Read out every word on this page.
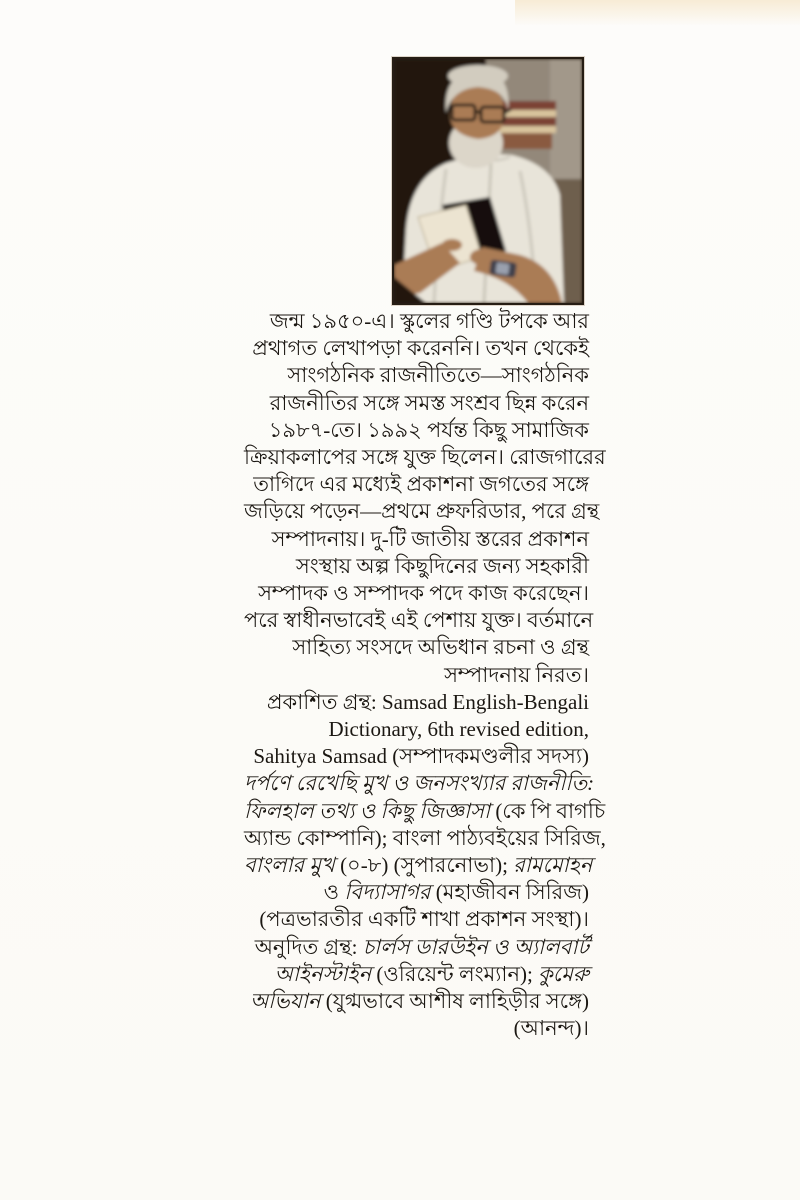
জন্ম ১৯৫০-এ। স্কুলের গণ্ডি টপকে আর
প্রথাগত লেখাপড়া করেননি। তখন থেকেই
সাংগঠনিক রাজনীতিতে—সাংগঠনিক
রাজনীতির সঙ্গে সমস্ত সংশ্রব ছিন্ন করেন
১৯৮৭-তে। ১৯৯২ পর্যন্ত কিছু সামাজিক
ক্রিয়াকলাপের সঙ্গে যুক্ত ছিলেন। রোজগারের
তাগিদে এর মধ্যেই প্রকাশনা জগতের সঙ্গে
জড়িয়ে পড়েন—প্রথমে প্রুফরিডার, পরে গ্রন্থ
সম্পাদনায়। দু-টি জাতীয় স্তরের প্রকাশন
সংস্থায় অল্প কিছুদিনের জন্য সহকারী
সম্পাদক ও সম্পাদক পদে কাজ করেছেন।
পরে স্বাধীনভাবেই এই পেশায় যুক্ত। বর্তমানে
সাহিত্য সংসদে অভিধান রচনা ও গ্রন্থ
সম্পাদনায় নিরত।
প্রকাশিত গ্রন্থ: Samsad English-Bengali
Dictionary, 6th revised edition,
Sahitya Samsad (সম্পাদকমণ্ডলীর সদস্য)
দর্পণে রেখেছি মুখ ও জনসংখ্যার রাজনীতি:
ফিলহাল তথ্য ও কিছু জিজ্ঞাসা (কে পি বাগচি
অ্যান্ড কোম্পানি); বাংলা পাঠ্যবইয়ের সিরিজ,
বাংলার মুখ (০-৮) (সুপারনোভা); রামমোহন
ও বিদ্যাসাগর (মহাজীবন সিরিজ)
(পত্রভারতীর একটি শাখা প্রকাশন সংস্থা)।
অনুদিত গ্রন্থ: চার্লস ডারউইন ও অ্যালবার্ট
আইনস্টাইন (ওরিয়েন্ট লংম্যান); কুমেরু
অভিযান (যুগ্মভাবে আশীষ লাহিড়ীর সঙ্গে)
(আনন্দ)।
